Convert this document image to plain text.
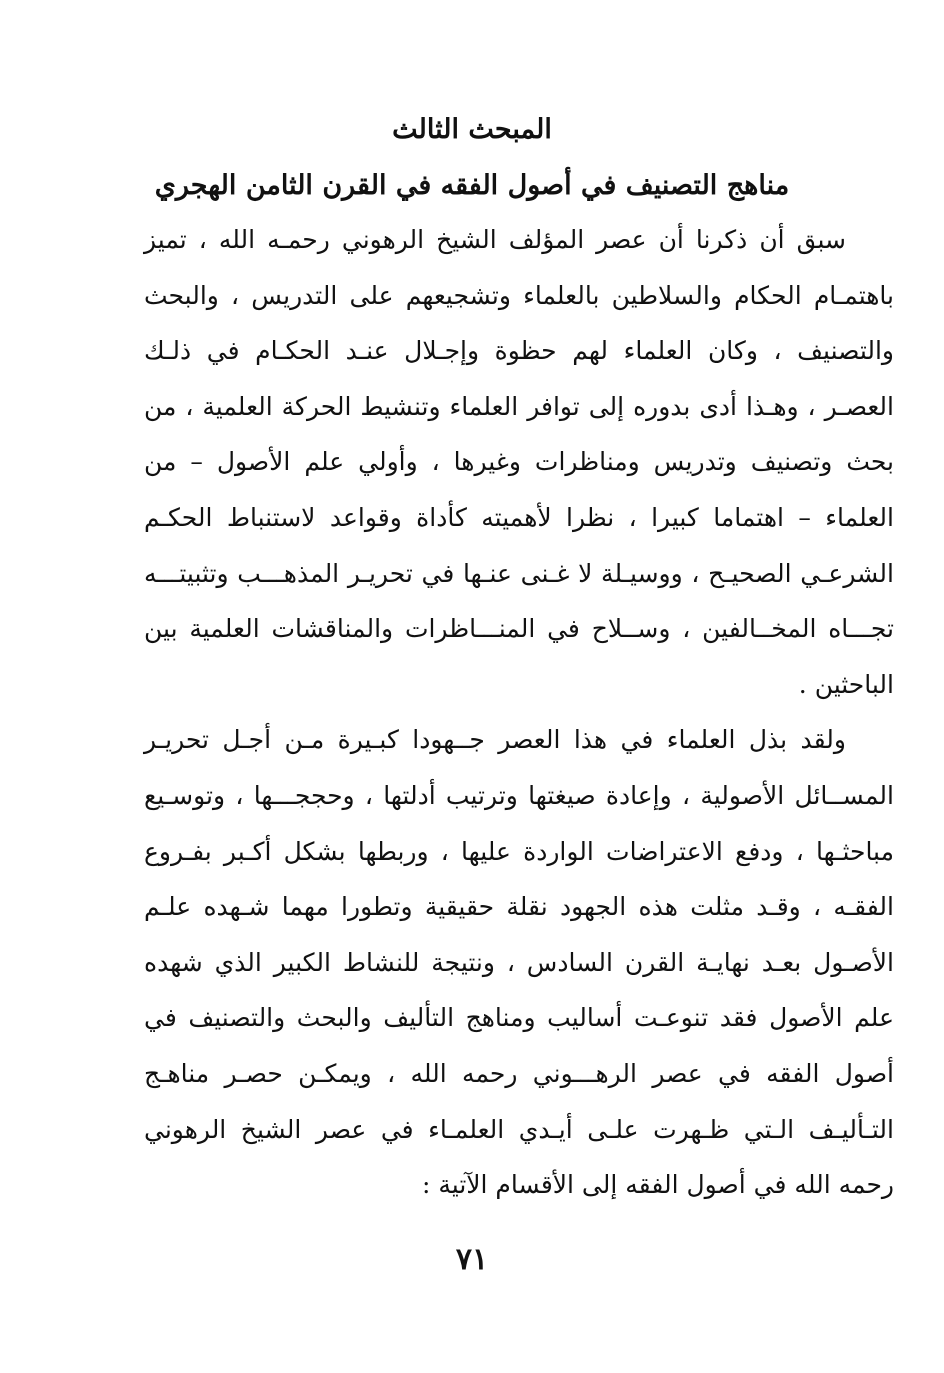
المبحث الثالث
مناهج التصنيف في أصول الفقه في القرن الثامن الهجري

سبق أن ذكرنا أن عصر المؤلف الشيخ الرهوني رحمـه الله ، تميز باهتمـام الحكام والسلاطين بالعلماء وتشجيعهم على التدريس ، والبحث والتصنيف ، وكان العلماء لهم حظوة وإجـلال عنـد الحكـام في ذلـك العصـر ، وهـذا أدى بدوره إلى توافر العلماء وتنشيط الحركة العلمية ، من بحث وتصنيف وتدريس ومناظرات وغيرها ، وأولي علم الأصول – من العلماء – اهتماما كبيرا ، نظرا لأهميته كأداة وقواعد لاستنباط الحكـم الشرعـي الصحيـح ، ووسيـلة لا غـنى عنـها في تحريـر المذهـــب وتثبيتـــه تجـــاه المخــالفين ، وســلاح في المنـــاظرات والمناقشات العلمية بين الباحثين .

ولقد بذل العلماء في هذا العصر جــهودا كبـيرة مـن أجـل تحريـر المســائل الأصولية ، وإعادة صيغتها وترتيب أدلتها ، وحججـــها ، وتوسـيع مباحثـها ، ودفع الاعتراضات الواردة عليها ، وربطها بشكل أكـبر بفـروع الفقـه ، وقـد مثلت هذه الجهود نقلة حقيقية وتطورا مهما شـهده علـم الأصـول بعـد نهايـة القرن السادس ، ونتيجة للنشاط الكبير الذي شهده علم الأصول فقد تنوعـت أساليب ومناهج التأليف والبحث والتصنيف في أصول الفقه في عصر الرهـــوني رحمه الله ، ويمكـن حصـر مناهـج التـأليـف الـتي ظـهرت علـى أيـدي العلمـاء في عصر الشيخ الرهوني رحمه الله في أصول الفقه إلى الأقسام الآتية :

٧١
